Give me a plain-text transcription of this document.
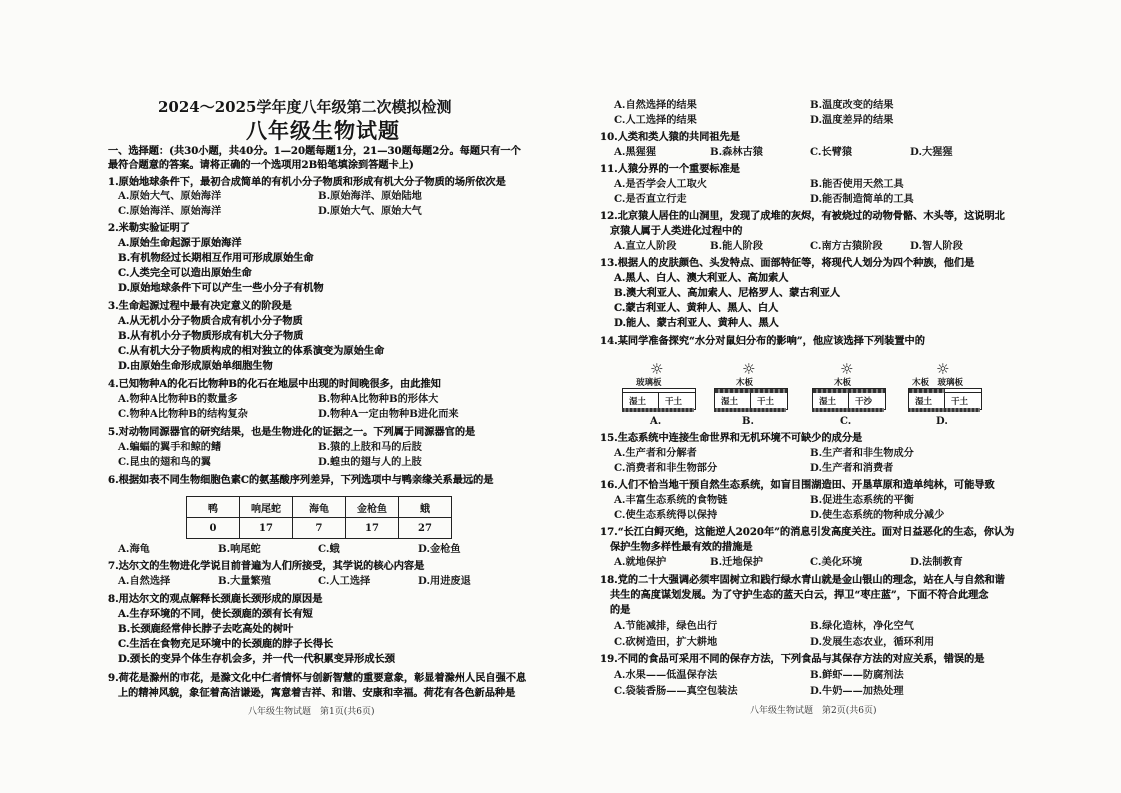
2024～2025学年度八年级第二次模拟检测
八年级生物试题
一、选择题：(共30小题，共40分。1—20题每题1分，21—30题每题2分。每题只有一个
最符合题意的答案。请将正确的一个选项用2B铅笔填涂到答题卡上)
1.原始地球条件下，最初合成简单的有机小分子物质和形成有机大分子物质的场所依次是
A.原始大气、原始海洋	B.原始海洋、原始陆地
C.原始海洋、原始海洋	D.原始大气、原始大气
2.米勒实验证明了
A.原始生命起源于原始海洋
B.有机物经过长期相互作用可形成原始生命
C.人类完全可以造出原始生命
D.原始地球条件下可以产生一些小分子有机物
3.生命起源过程中最有决定意义的阶段是
A.从无机小分子物质合成有机小分子物质
B.从有机小分子物质形成有机大分子物质
C.从有机大分子物质构成的相对独立的体系演变为原始生命
D.由原始生命形成原始单细胞生物
4.已知物种A的化石比物种B的化石在地层中出现的时间晚很多，由此推知
A.物种A比物种B的数量多	B.物种A比物种B的形体大
C.物种A比物种B的结构复杂	D.物种A一定由物种B进化而来
5.对动物同源器官的研究结果，也是生物进化的证据之一。下列属于同源器官的是
A.蝙蝠的翼手和鲸的鳍	B.猿的上肢和马的后肢
C.昆虫的翅和鸟的翼	D.蝗虫的翅与人的上肢
6.根据如表不同生物细胞色素C的氨基酸序列差异，下列选项中与鸭亲缘关系最远的是
鸭	响尾蛇	海龟	金枪鱼	蛾
0	17	7	17	27
A.海龟	B.响尾蛇	C.蛾	D.金枪鱼
7.达尔文的生物进化学说目前普遍为人们所接受，其学说的核心内容是
A.自然选择	B.大量繁殖	C.人工选择	D.用进废退
8.用达尔文的观点解释长颈鹿长颈形成的原因是
A.生存环境的不同，使长颈鹿的颈有长有短
B.长颈鹿经常伸长脖子去吃高处的树叶
C.生活在食物充足环境中的长颈鹿的脖子长得长
D.颈长的变异个体生存机会多，并一代一代积累变异形成长颈
9.荷花是滁州的市花，是滁文化中仁者情怀与创新智慧的重要意象，彰显着滁州人民自强不息
上的精神风貌，象征着高洁谦逊，寓意着吉祥、和谐、安康和幸福。荷花有各色新品种是
八年级生物试题　第1页(共6页)
A.自然选择的结果	B.温度改变的结果
C.人工选择的结果	D.温度差异的结果
10.人类和类人猿的共同祖先是
A.黑猩猩	B.森林古猿	C.长臂猿	D.大猩猩
11.人猿分界的一个重要标准是
A.是否学会人工取火	B.能否使用天然工具
C.是否直立行走	D.能否制造简单的工具
12.北京猿人居住的山洞里，发现了成堆的灰烬，有被烧过的动物骨骼、木头等，这说明北
京猿人属于人类进化过程中的
A.直立人阶段	B.能人阶段	C.南方古猿阶段	D.智人阶段
13.根据人的皮肤颜色、头发特点、面部特征等，将现代人划分为四个种族，他们是
A.黑人、白人、澳大利亚人、高加索人
B.澳大利亚人、高加索人、尼格罗人、蒙古利亚人
C.蒙古利亚人、黄种人、黑人、白人
D.能人、蒙古利亚人、黄种人、黑人
14.某同学准备探究“水分对鼠妇分布的影响”，他应该选择下列装置中的
☼
玻璃板
湿土 干土
A.
☼
木板
湿土 干土
B.
☼
木板
湿土 干沙
C.
☼
木板　玻璃板
湿土 干土
D.
15.生态系统中连接生命世界和无机环境不可缺少的成分是
A.生产者和分解者	B.生产者和非生物成分
C.消费者和非生物部分	D.生产者和消费者
16.人们不恰当地干预自然生态系统，如盲目围湖造田、开垦草原和造单纯林，可能导致
A.丰富生态系统的食物链	B.促进生态系统的平衡
C.使生态系统得以保持	D.使生态系统的物种成分减少
17.“长江白鲟灭绝，这能逆人2020年”的消息引发高度关注。面对日益恶化的生态，你认为
保护生物多样性最有效的措施是
A.就地保护	B.迁地保护	C.美化环境	D.法制教育
18.党的二十大强调必须牢固树立和践行绿水青山就是金山银山的理念，站在人与自然和谐
共生的高度谋划发展。为了守护生态的蓝天白云，捍卫“枣庄蓝”，下面不符合此理念
的是
A.节能减排，绿色出行	B.绿化造林，净化空气
C.砍树造田，扩大耕地	D.发展生态农业，循环利用
19.不同的食品可采用不同的保存方法，下列食品与其保存方法的对应关系，错误的是
A.水果——低温保存法	B.鲜虾——防腐剂法
C.袋装香肠——真空包装法	D.牛奶——加热处理
八年级生物试题　第2页(共6页)
